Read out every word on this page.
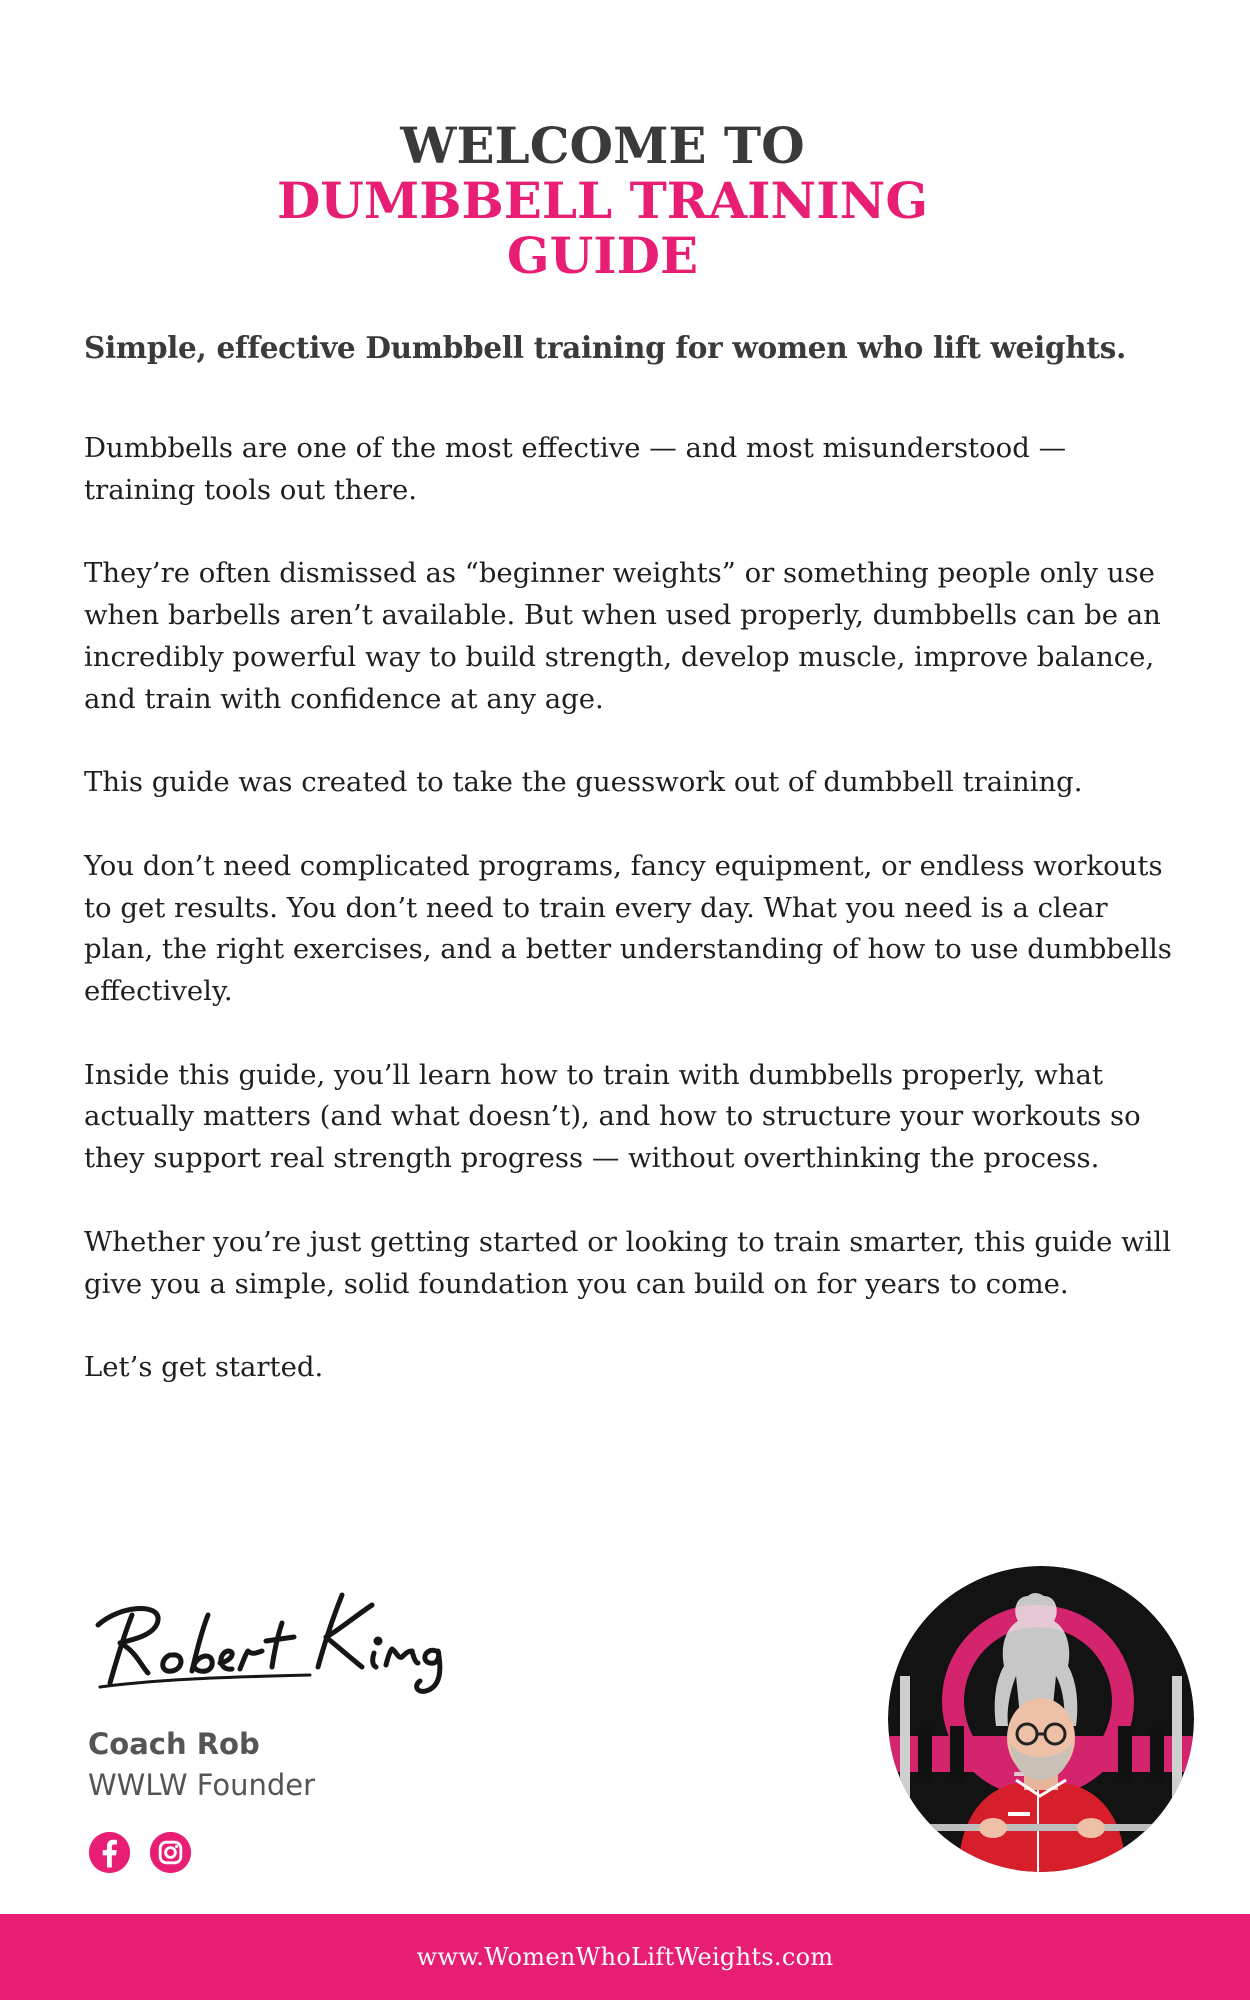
WELCOME TO
DUMBBELL TRAINING
GUIDE
Simple, effective Dumbbell training for women who lift weights.

Dumbbells are one of the most effective — and most misunderstood — training tools out there.

They’re often dismissed as “beginner weights” or something people only use when barbells aren’t available. But when used properly, dumbbells can be an incredibly powerful way to build strength, develop muscle, improve balance, and train with confidence at any age.

This guide was created to take the guesswork out of dumbbell training.

You don’t need complicated programs, fancy equipment, or endless workouts to get results. You don’t need to train every day. What you need is a clear plan, the right exercises, and a better understanding of how to use dumbbells effectively.

Inside this guide, you’ll learn how to train with dumbbells properly, what actually matters (and what doesn’t), and how to structure your workouts so they support real strength progress — without overthinking the process.

Whether you’re just getting started or looking to train smarter, this guide will give you a simple, solid foundation you can build on for years to come.

Let’s get started.

Coach Rob
WWLW Founder
www.WomenWhoLiftWeights.com
